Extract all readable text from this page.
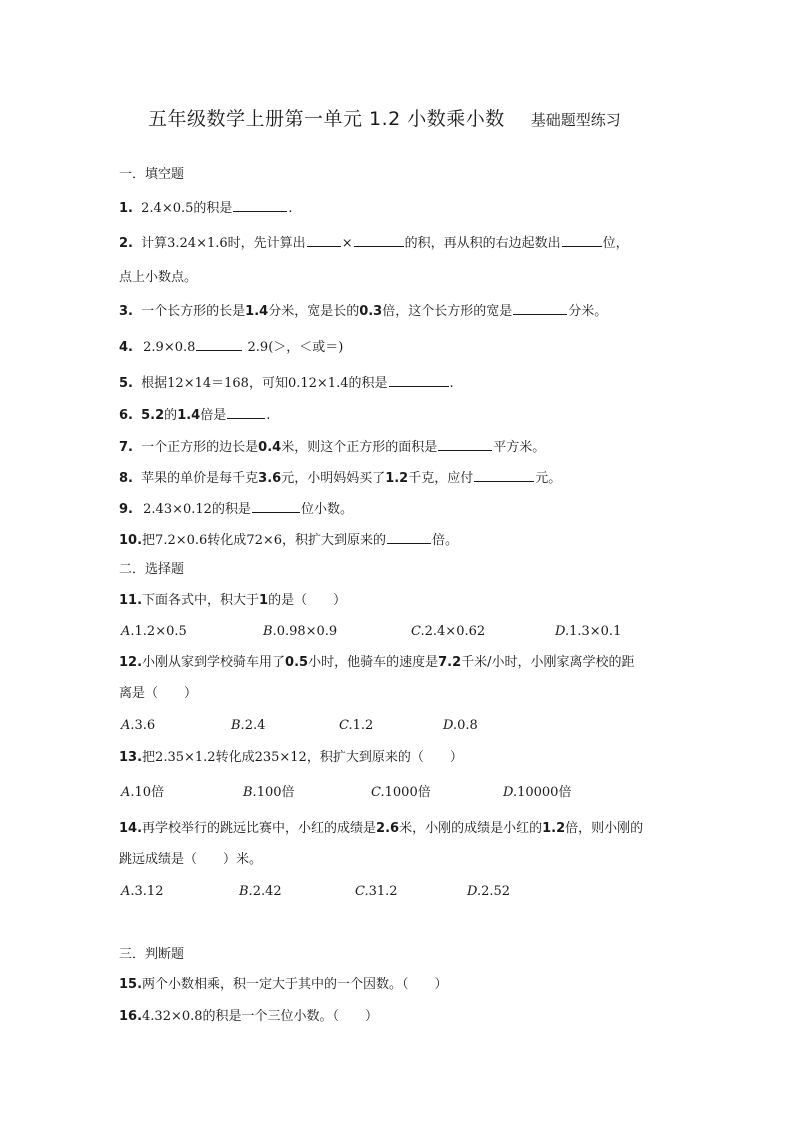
五年级数学上册第一单元 1.2 小数乘小数 基础题型练习
一．填空题
1. 2.4×0.5的积是	.
2. 计算3.24×1.6时，先计算出	×	的积，再从积的右边起数出	位，
点上小数点。
3. 一个长方形的长是1.4分米，宽是长的0.3倍，这个长方形的宽是	分米。
4. 2.9×0.8	2.9(＞，＜或＝)
5. 根据12×14＝168，可知0.12×1.4的积是	.
6. 5.2的1.4倍是	.
7. 一个正方形的边长是0.4米，则这个正方形的面积是	平方米。
8. 苹果的单价是每千克3.6元，小明妈妈买了1.2千克，应付	元。
9. 2.43×0.12的积是	位小数。
10.把7.2×0.6转化成72×6，积扩大到原来的	倍。
二．选择题
11.下面各式中，积大于1的是（　　）
A.1.2×0.5	B.0.98×0.9	C.2.4×0.62	D.1.3×0.1
12.小刚从家到学校骑车用了0.5小时，他骑车的速度是7.2千米/小时，小刚家离学校的距
离是（　　）
A.3.6	B.2.4	C.1.2	D.0.8
13.把2.35×1.2转化成235×12，积扩大到原来的（　　）
A.10倍	B.100倍	C.1000倍	D.10000倍
14.再学校举行的跳远比赛中，小红的成绩是2.6米，小刚的成绩是小红的1.2倍，则小刚的
跳远成绩是（　　）米。
A.3.12	B.2.42	C.31.2	D.2.52
三．判断题
15.两个小数相乘，积一定大于其中的一个因数。（　　）
16.4.32×0.8的积是一个三位小数。（　　）
